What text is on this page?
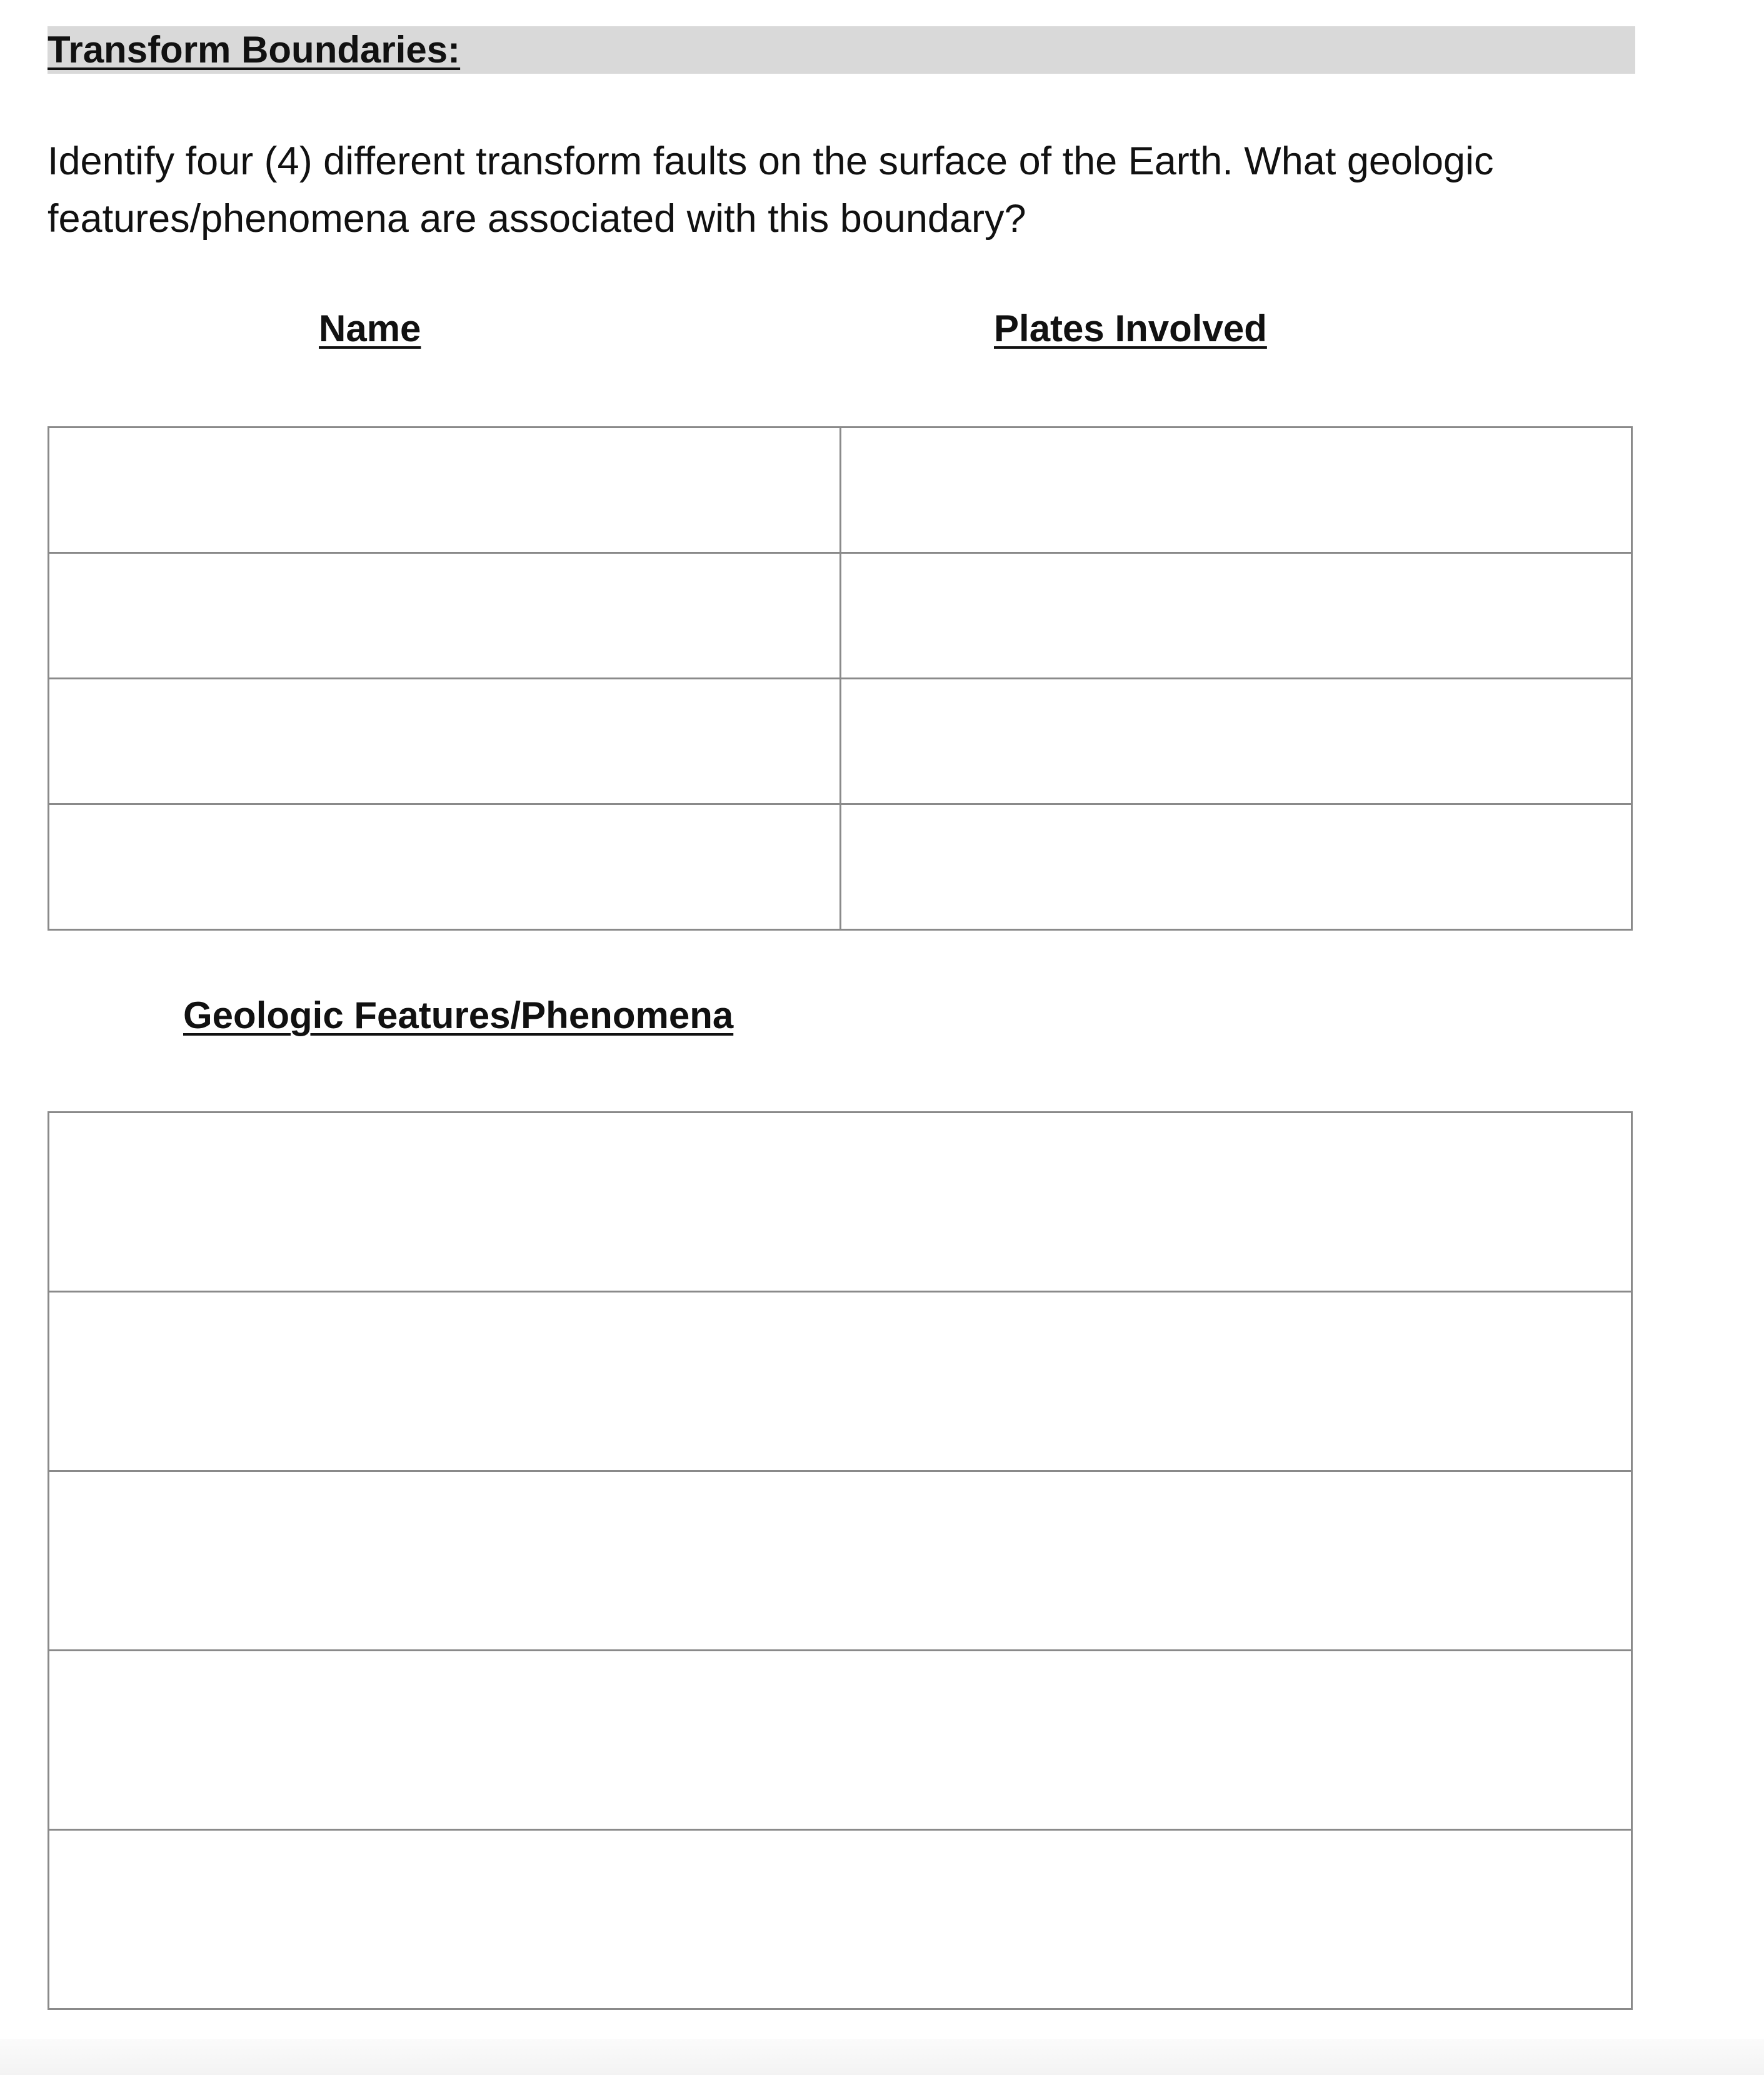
Transform Boundaries:

Identify four (4) different transform faults on the surface of the Earth. What geologic features/phenomena are associated with this boundary?

Name	Plates Involved

Geologic Features/Phenomena
